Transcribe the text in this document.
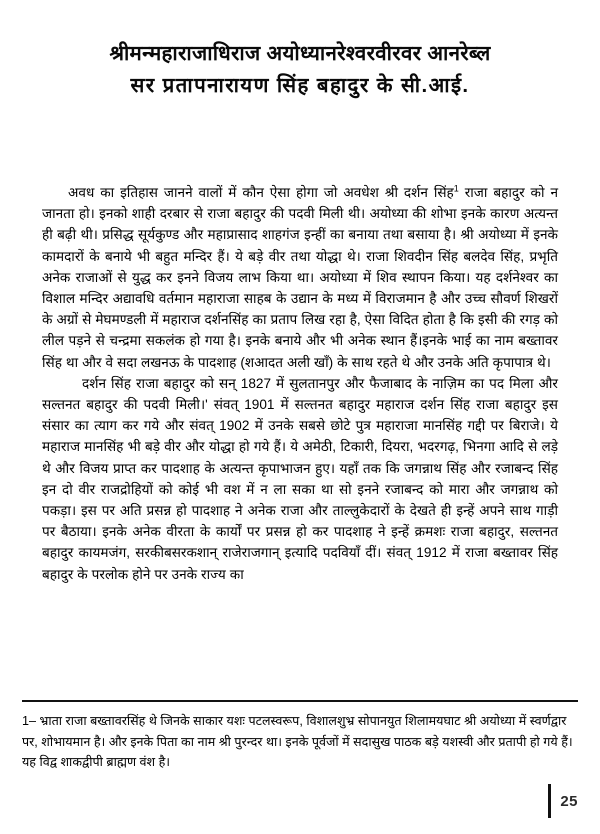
श्रीमन्महाराजाधिराज अयोध्यानरेश्वरवीरवर आनरेब्ल
सर प्रतापनारायण सिंह बहादुर के सी.आई.

अवध का इतिहास जानने वालों में कौन ऐसा होगा जो अवधेश श्री दर्शन सिंह$^1$ राजा बहादुर को न जानता हो। इनको शाही दरबार से राजा बहादुर की पदवी मिली थी। अयोध्या की शोभा इनके कारण अत्यन्त ही बढ़ी थी। प्रसिद्ध सूर्यकुण्ड और महाप्रासाद शाहगंज इन्हीं का बनाया तथा बसाया है। श्री अयोध्या में इनके कामदारों के बनाये भी बहुत मन्दिर हैं। ये बड़े वीर तथा योद्धा थे। राजा शिवदीन सिंह बलदेव सिंह, प्रभृति अनेक राजाओं से युद्ध कर इनने विजय लाभ किया था। अयोध्या में शिव स्थापन किया। यह दर्शनेश्वर का विशाल मन्दिर अद्यावधि वर्तमान महाराजा साहब के उद्यान के मध्य में विराजमान है और उच्च सौवर्ण शिखरों के अग्रों से मेघमण्डली में महाराज दर्शनसिंह का प्रताप लिख रहा है, ऐसा विदित होता है कि इसी की रगड़ को लील पड़ने से चन्द्रमा सकलंक हो गया है। इनके बनाये और भी अनेक स्थान हैं।इनके भाई का नाम बख्तावर सिंह था और वे सदा लखनऊ के पादशाह (शआदत अली खाँ) के साथ रहते थे और उनके अति कृपापात्र थे।

दर्शन सिंह राजा बहादुर को सन् 1827 में सुलतानपुर और फैजाबाद के नाज़िम का पद मिला और सल्तनत बहादुर की पदवी मिली।' संवत् 1901 में सल्तनत बहादुर महाराज दर्शन सिंह राजा बहादुर इस संसार का त्याग कर गये और संवत् 1902 में उनके सबसे छोटे पुत्र महाराजा मानसिंह गद्दी पर बिराजे। ये महाराज मानसिंह भी बड़े वीर और योद्धा हो गये हैं। ये अमेठी, टिकारी, दियरा, भदरगढ़, भिनगा आदि से लड़े थे और विजय प्राप्त कर पादशाह के अत्यन्त कृपाभाजन हुए। यहाँ तक कि जगन्नाथ सिंह और रजाबन्द सिंह इन दो वीर राजद्रोहियों को कोई भी वश में न ला सका था सो इनने रजाबन्द को मारा और जगन्नाथ को पकड़ा। इस पर अति प्रसन्न हो पादशाह ने अनेक राजा और ताल्लुकेदारों के देखते ही इन्हें अपने साथ गाड़ी पर बैठाया। इनके अनेक वीरता के कार्यों पर प्रसन्न हो कर पादशाह ने इन्हें क्रमशः राजा बहादुर, सल्तनत बहादुर कायमजंग, सरकीबसरकशान् राजेराजगान् इत्यादि पदवियाँ दीं। संवत् 1912 में राजा बख्तावर सिंह बहादुर के परलोक होने पर उनके राज्य का

1– भ्राता राजा बख्तावरसिंह थे जिनके साकार यशः पटलस्वरूप, विशालशुभ्र सोपानयुत शिलामयघाट श्री अयोध्या में स्वर्णद्वार पर, शोभायमान है। और इनके पिता का नाम श्री पुरन्दर था। इनके पूर्वजों में सदासुख पाठक बड़े यशस्वी और प्रतापी हो गये हैं। यह विद्व शाकद्वीपी ब्राह्मण वंश है।

25
